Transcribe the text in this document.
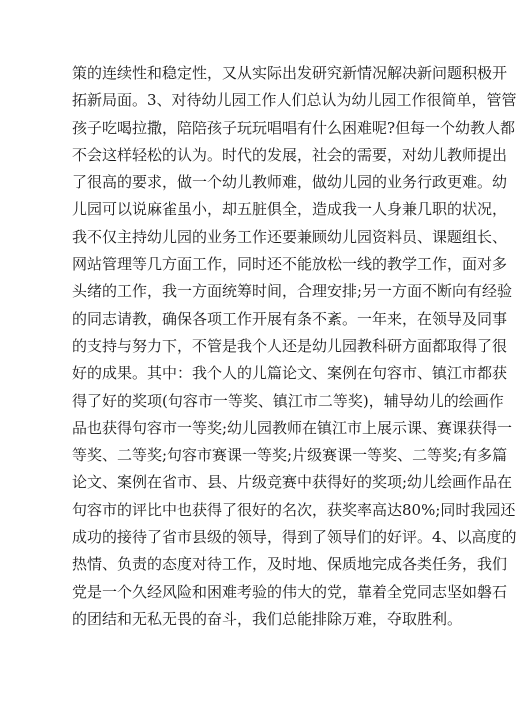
策的连续性和稳定性，又从实际出发研究新情况解决新问题积极开
拓新局面。3、对待幼儿园工作人们总认为幼儿园工作很简单，管管
孩子吃喝拉撒，陪陪孩子玩玩唱唱有什么困难呢?但每一个幼教人都
不会这样轻松的认为。时代的发展，社会的需要，对幼儿教师提出
了很高的要求，做一个幼儿教师难，做幼儿园的业务行政更难。幼
儿园可以说麻雀虽小，却五脏俱全，造成我一人身兼几职的状况，
我不仅主持幼儿园的业务工作还要兼顾幼儿园资料员、课题组长、
网站管理等几方面工作，同时还不能放松一线的教学工作，面对多
头绪的工作，我一方面统筹时间，合理安排;另一方面不断向有经验
的同志请教，确保各项工作开展有条不紊。一年来，在领导及同事
的支持与努力下，不管是我个人还是幼儿园教科研方面都取得了很
好的成果。其中：我个人的儿篇论文、案例在句容市、镇江市都获
得了好的奖项(句容市一等奖、镇江市二等奖)，辅导幼儿的绘画作
品也获得句容市一等奖;幼儿园教师在镇江市上展示课、赛课获得一
等奖、二等奖;句容市赛课一等奖;片级赛课一等奖、二等奖;有多篇
论文、案例在省市、县、片级竞赛中获得好的奖项;幼儿绘画作品在
句容市的评比中也获得了很好的名次，获奖率高达80%;同时我园还
成功的接待了省市县级的领导，得到了领导们的好评。4、以高度的
热情、负责的态度对待工作，及时地、保质地完成各类任务，我们
党是一个久经风险和困难考验的伟大的党，靠着全党同志坚如磐石
的团结和无私无畏的奋斗，我们总能排除万难，夺取胜利。
